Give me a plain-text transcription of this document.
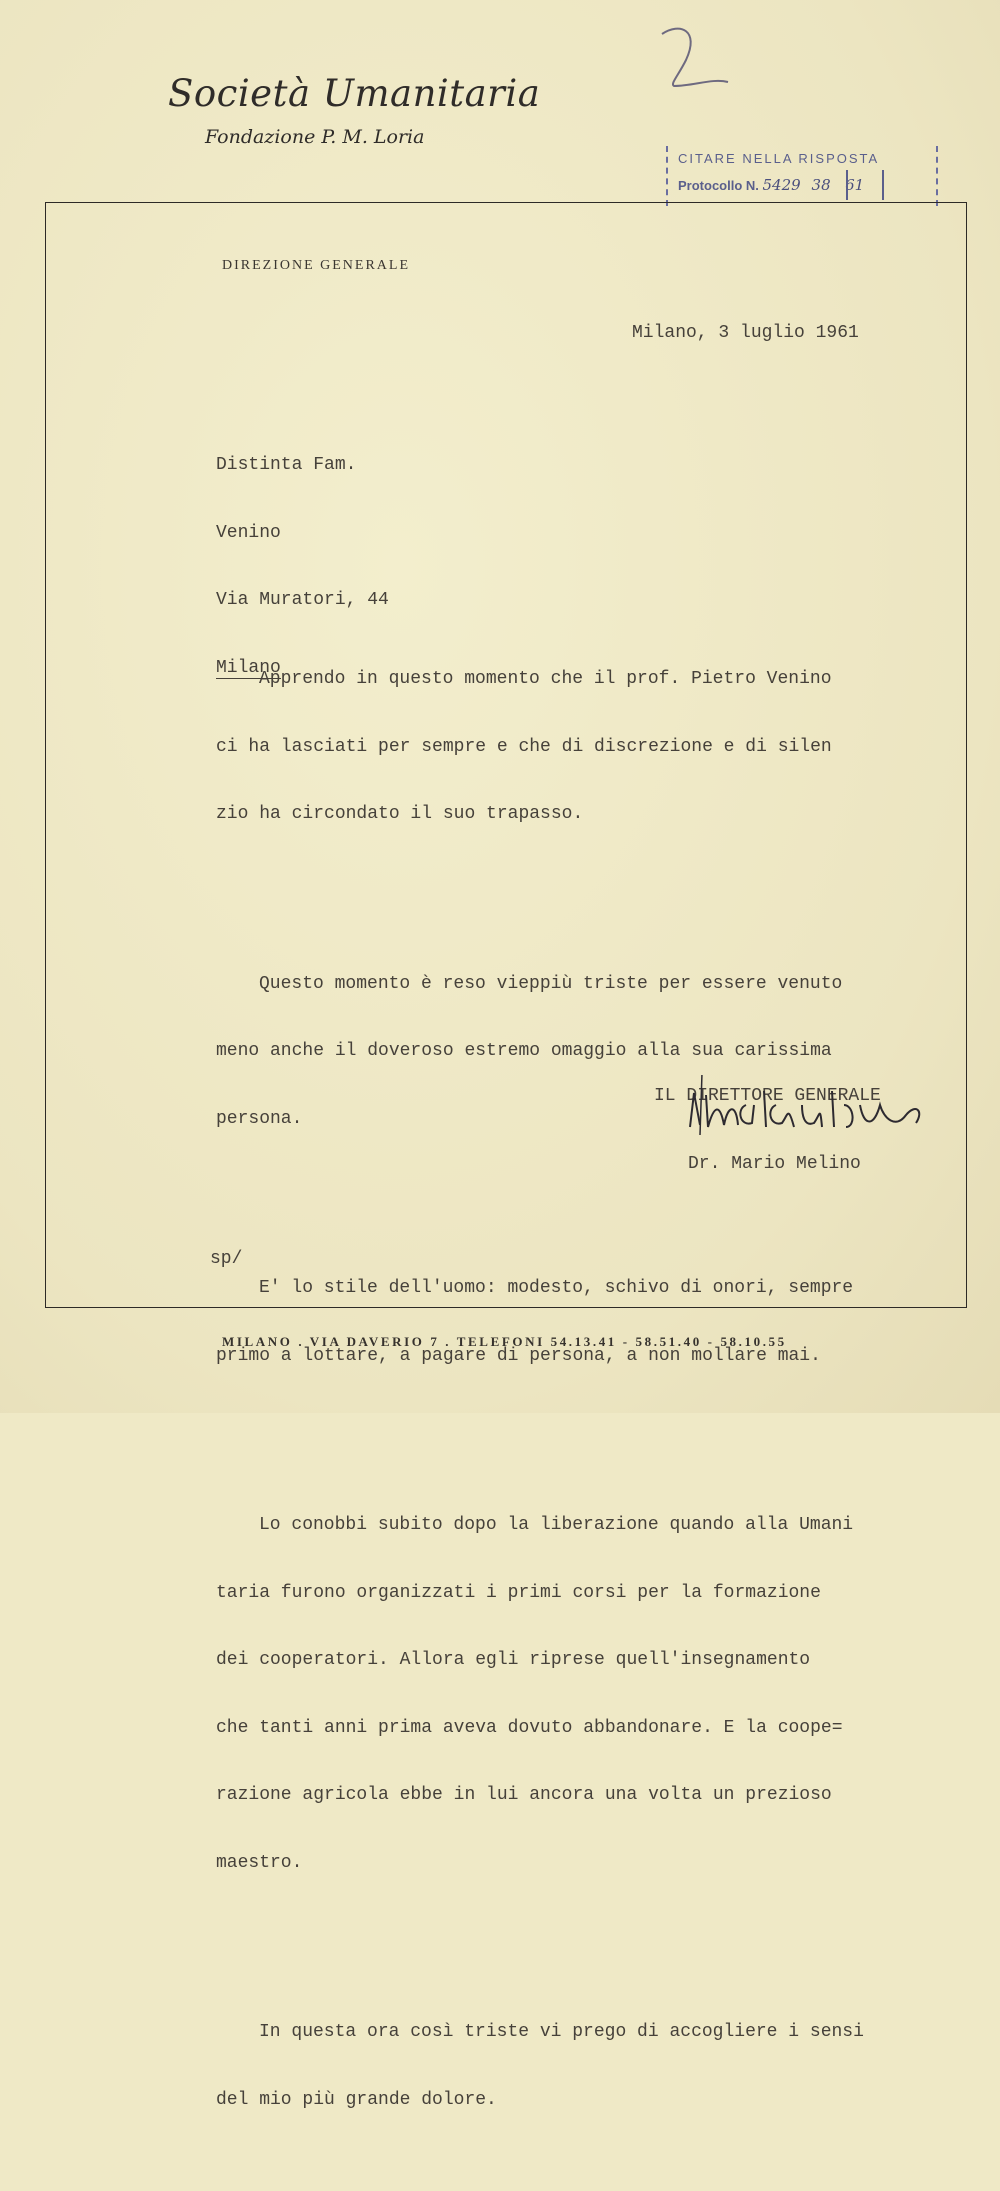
Società Umanitaria
Fondazione P. M. Loria
CITARE NELLA RISPOSTA
Protocollo N. 5429 38 61
DIREZIONE GENERALE
Milano, 3 luglio 1961

Distinta Fam.

Venino

Via Muratori, 44

Milano

Apprendo in questo momento che il prof. Pietro Venino

ci ha lasciati per sempre e che di discrezione e di silen

zio ha circondato il suo trapasso.

Questo momento è reso vieppiù triste per essere venuto

meno anche il doveroso estremo omaggio alla sua carissima

persona.

E' lo stile dell'uomo: modesto, schivo di onori, sempre

primo a lottare, a pagare di persona, a non mollare mai.

Lo conobbi subito dopo la liberazione quando alla Umani

taria furono organizzati i primi corsi per la formazione

dei cooperatori. Allora egli riprese quell'insegnamento

che tanti anni prima aveva dovuto abbandonare. E la coope=

razione agricola ebbe in lui ancora una volta un prezioso

maestro.

In questa ora così triste vi prego di accogliere i sensi

del mio più grande dolore.

IL DIRETTORE GENERALE

Dr. Mario Melino

sp/
MILANO . VIA DAVERIO 7 . TELEFONI 54.13.41 - 58.51.40 - 58.10.55
